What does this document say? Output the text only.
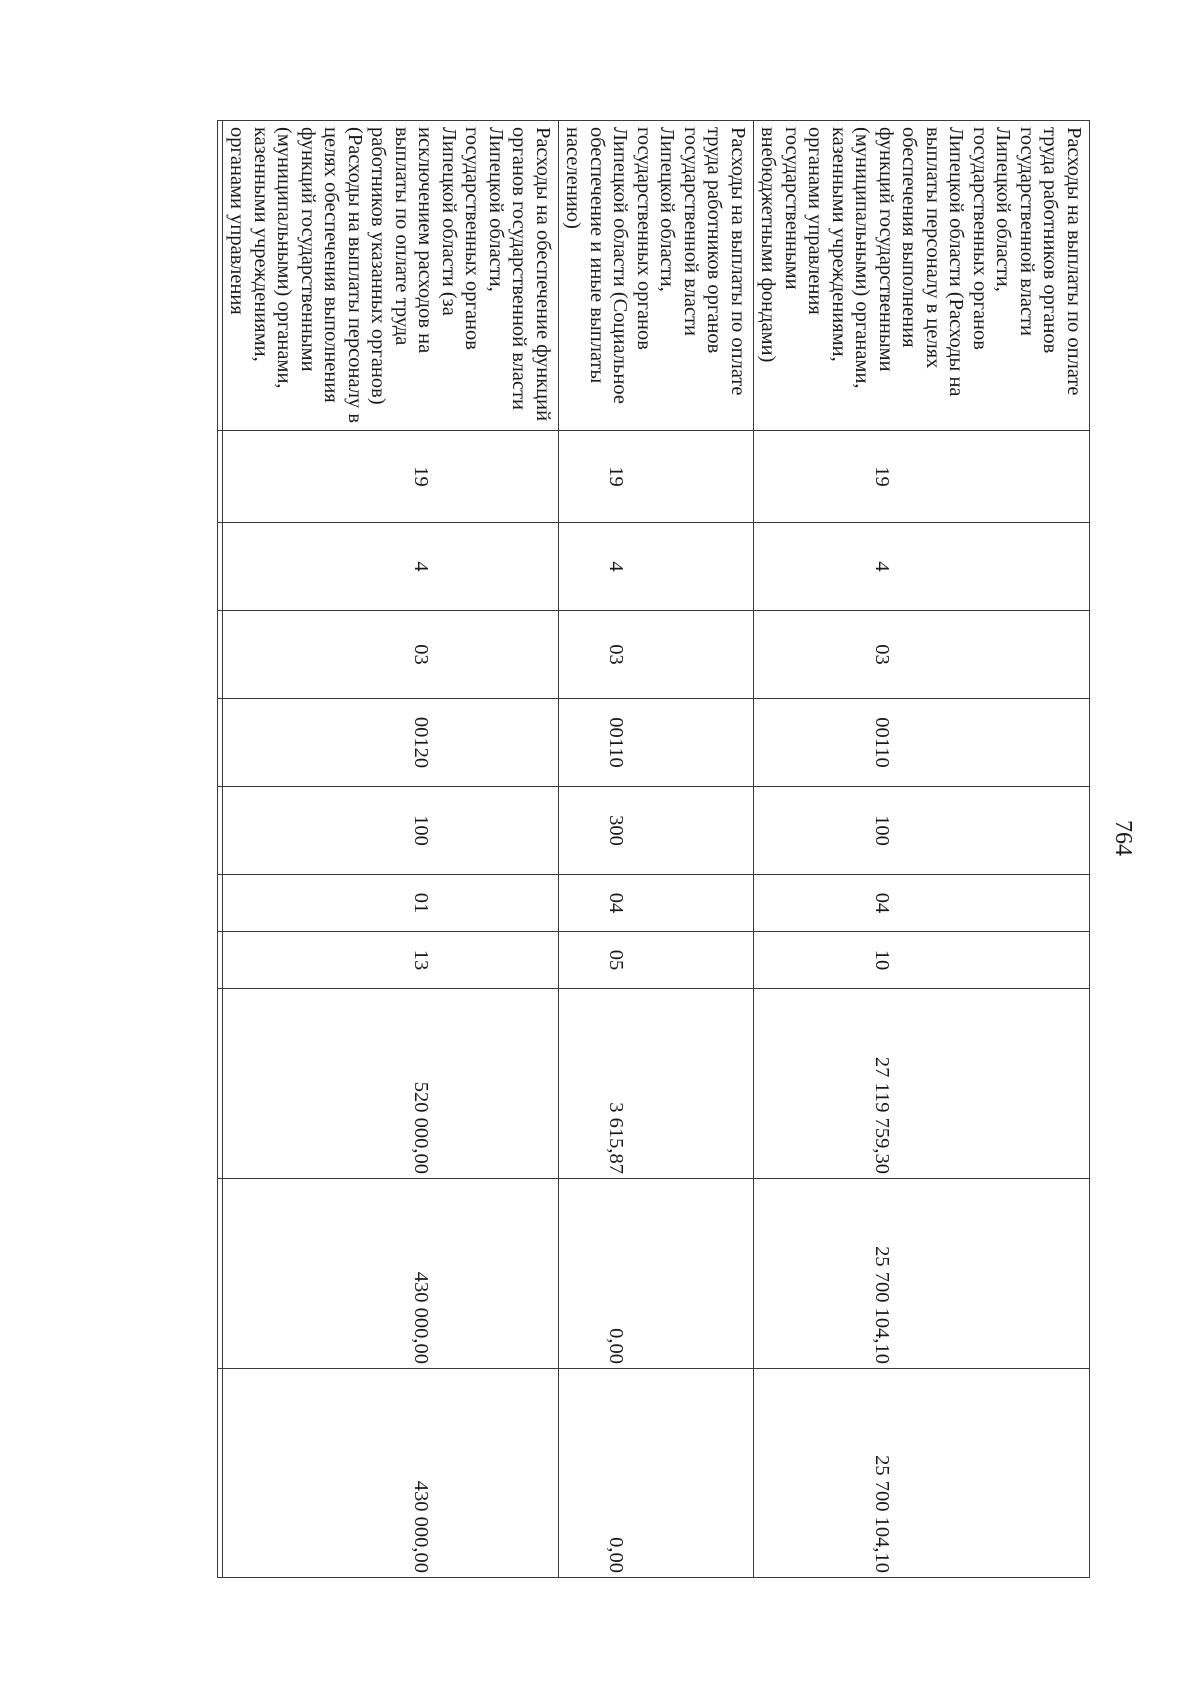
764
Расходы на выплаты по оплате труда работников органов государственной власти Липецкой области, государственных органов Липецкой области (Расходы на выплаты персоналу в целях обеспечения выполнения функций государственными (муниципальными) органами, казенными учреждениями, органами управления государственными внебюджетными фондами)	19	4	03	00110	100	04	10	27 119 759,30	25 700 104,10	25 700 104,10
Расходы на выплаты по оплате труда работников органов государственной власти Липецкой области, государственных органов Липецкой области (Социальное обеспечение и иные выплаты населению)	19	4	03	00110	300	04	05	3 615,87	0,00	0,00
Расходы на обеспечение функций органов государственной власти Липецкой области, государственных органов Липецкой области (за исключением расходов на выплаты по оплате труда работников указанных органов) (Расходы на выплаты персоналу в целях обеспечения выполнения функций государственными (муниципальными) органами, казенными учреждениями, органами управления	19	4	03	00120	100	01	13	520 000,00	430 000,00	430 000,00
